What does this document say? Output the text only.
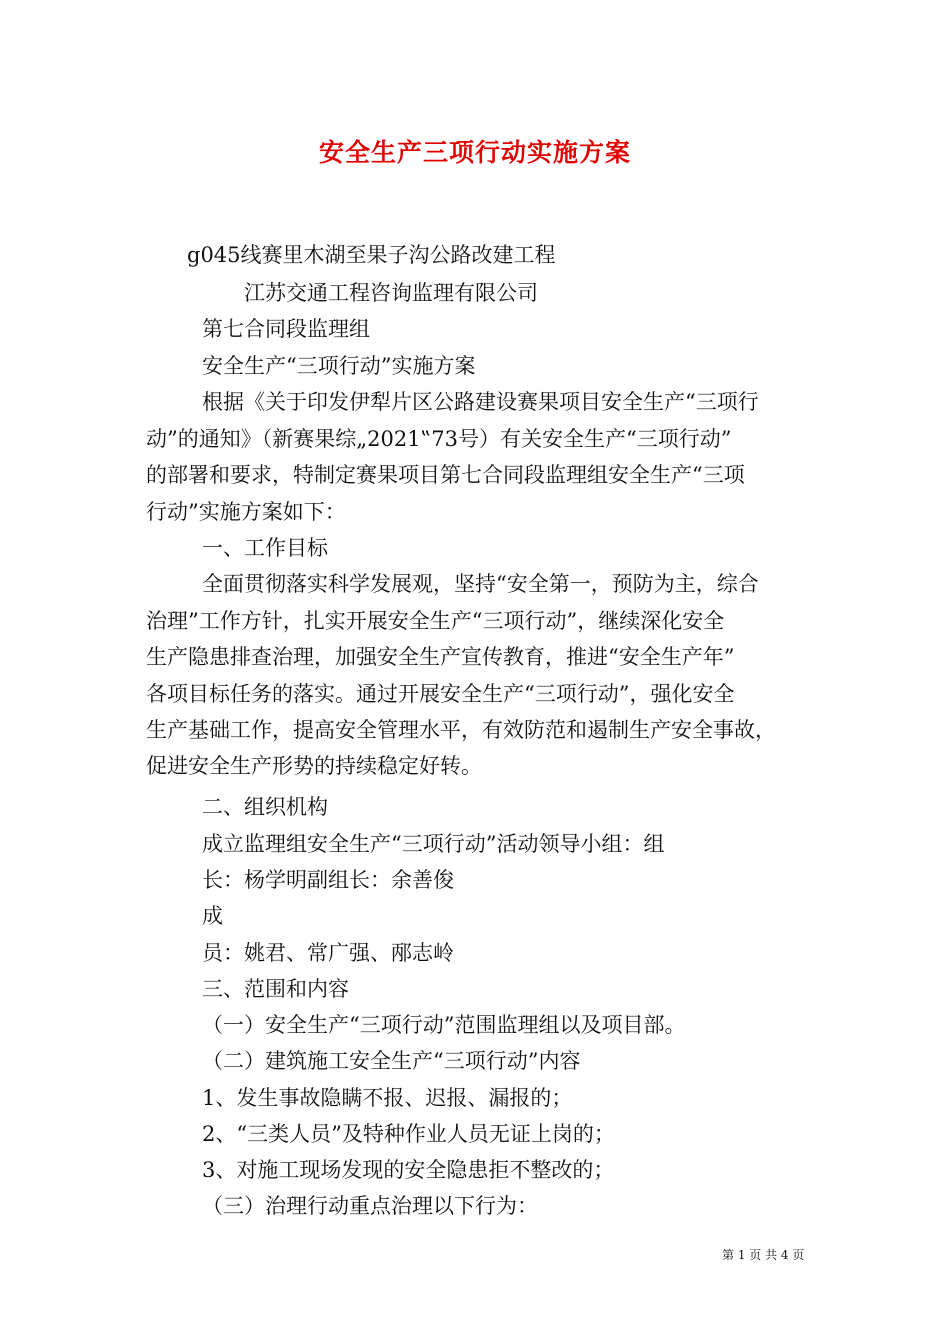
安全生产三项行动实施方案
g045线赛里木湖至果子沟公路改建工程
江苏交通工程咨询监理有限公司
第七合同段监理组
安全生产“三项行动”实施方案
根据《关于印发伊犁片区公路建设赛果项目安全生产“三项行
动”的通知》（新赛果综„2021‟73号）有关安全生产“三项行动”
的部署和要求，特制定赛果项目第七合同段监理组安全生产“三项
行动”实施方案如下：
一、工作目标
全面贯彻落实科学发展观，坚持“安全第一，预防为主，综合
治理”工作方针，扎实开展安全生产“三项行动”，继续深化安全
生产隐患排查治理，加强安全生产宣传教育，推进“安全生产年”
各项目标任务的落实。通过开展安全生产“三项行动”，强化安全
生产基础工作，提高安全管理水平，有效防范和遏制生产安全事故，
促进安全生产形势的持续稳定好转。
二、组织机构
成立监理组安全生产“三项行动”活动领导小组：组
长：杨学明副组长：余善俊
成
员：姚君、常广强、邴志岭
三、范围和内容
（一）安全生产“三项行动”范围监理组以及项目部。
（二）建筑施工安全生产“三项行动”内容
1、发生事故隐瞒不报、迟报、漏报的；
2、“三类人员”及特种作业人员无证上岗的；
3、对施工现场发现的安全隐患拒不整改的；
（三）治理行动重点治理以下行为：
第 1 页 共 4 页
